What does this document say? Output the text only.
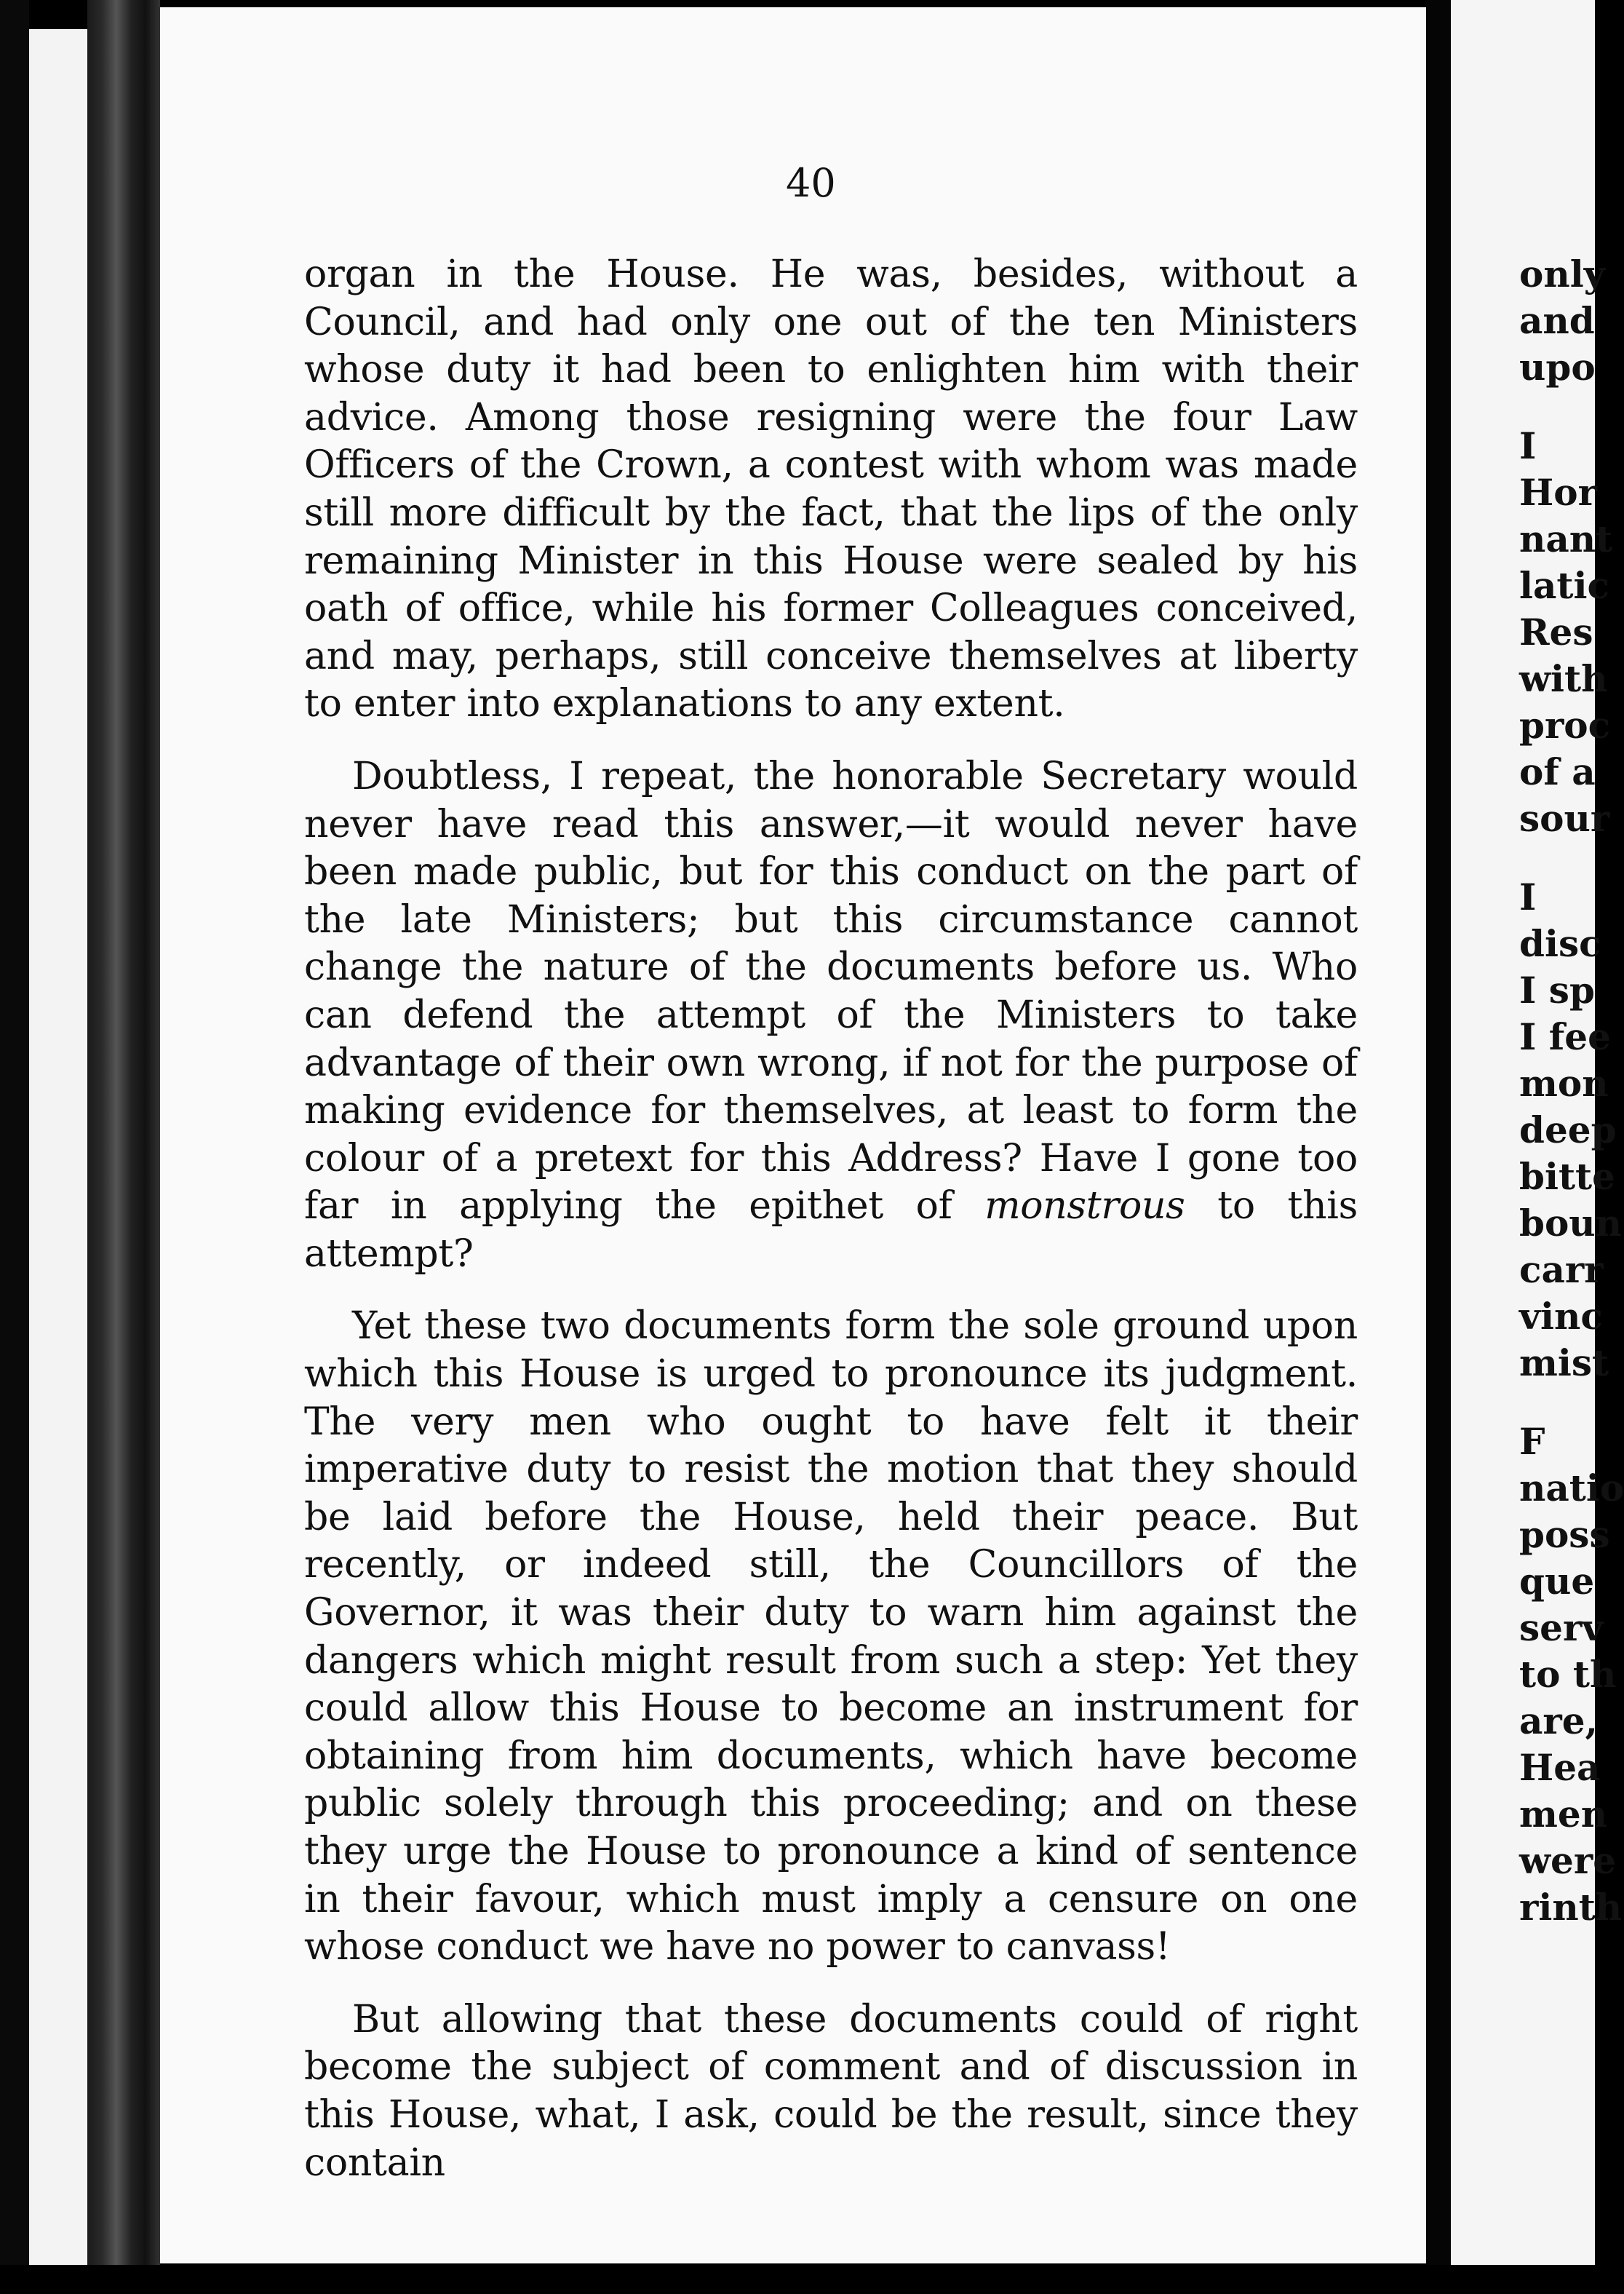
40

organ in the House. He was, besides, without a Council, and had only one out of the ten Ministers whose duty it had been to enlighten him with their advice. Among those resigning were the four Law Officers of the Crown, a contest with whom was made still more difficult by the fact, that the lips of the only remaining Minister in this House were sealed by his oath of office, while his former Colleagues conceived, and may, perhaps, still conceive themselves at liberty to enter into explanations to any extent.

Doubtless, I repeat, the honorable Secretary would never have read this answer,—it would never have been made public, but for this conduct on the part of the late Ministers; but this circumstance cannot change the nature of the documents before us. Who can defend the attempt of the Ministers to take advantage of their own wrong, if not for the purpose of making evidence for themselves, at least to form the colour of a pretext for this Address? Have I gone too far in applying the epithet of monstrous to this attempt?

Yet these two documents form the sole ground upon which this House is urged to pronounce its judgment. The very men who ought to have felt it their imperative duty to resist the motion that they should be laid before the House, held their peace. But recently, or indeed still, the Councillors of the Governor, it was their duty to warn him against the dangers which might result from such a step: Yet they could allow this House to become an instrument for obtaining from him documents, which have become public solely through this proceeding; and on these they urge the House to pronounce a kind of sentence in their favour, which must imply a censure on one whose conduct we have no power to canvass!

But allowing that these documents could of right become the subject of comment and of discussion in this House, what, I ask, could be the result, since they contain

only
and
upo
I
Hor
nant
latic
Res
with
proc
of a
sour
I
disc
I sp
I fee
mon
deep
bitte
boun
carr
vinc
mist
F
natio
poss
que
serv
to th
are,
Hea
men
were
rinth
